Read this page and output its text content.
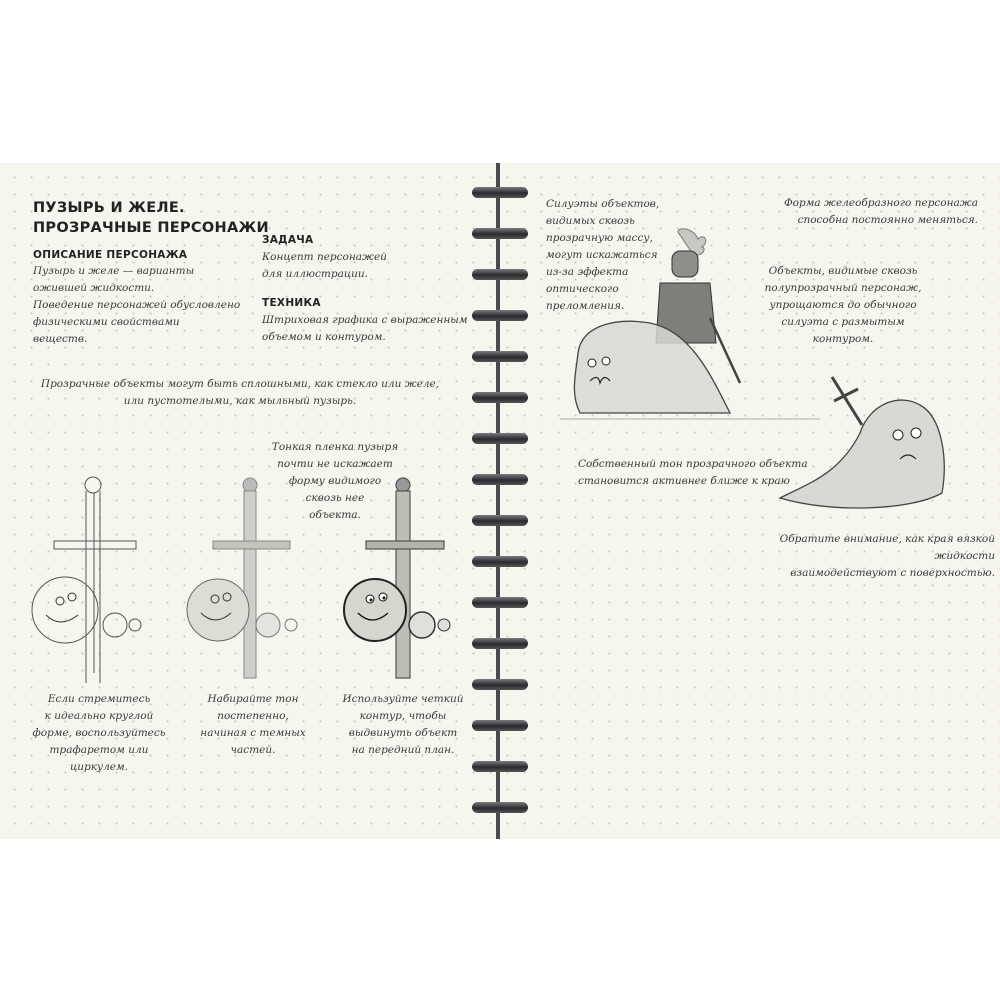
ПУЗЫРЬ И ЖЕЛЕ.
ПРОЗРАЧНЫЕ ПЕРСОНАЖИ
ОПИСАНИЕ ПЕРСОНАЖА
Пузырь и желе — варианты
ожившей жидкости.
Поведение персонажей обусловлено
физическими свойствами
веществ.
ЗАДАЧА
Концепт персонажей
для иллюстрации.
ТЕХНИКА
Штриховая графика с выраженным
объемом и контуром.
Прозрачные объекты могут быть сплошными, как стекло или желе,
или пустотелыми, как мыльный пузырь.
Тонкая пленка пузыря
почти не искажает
форму видимого
сквозь нее
объекта.
Если стремитесь
к идеально круглой
форме, воспользуйтесь
трафаретом или
циркулем.
Набирайте тон
постепенно,
начиная с темных
частей.
Используйте четкий
контур, чтобы
выдвинуть объект
на передний план.
Силуэты объектов,
видимых сквозь
прозрачную массу,
могут искажаться
из-за эффекта
оптического
преломления.
Форма желеобразного персонажа
способна постоянно меняться.
Объекты, видимые сквозь
полупрозрачный персонаж,
упрощаются до обычного
силуэта с размытым
контуром.
Собственный тон прозрачного объекта
становится активнее ближе к краю
Обратите внимание, как края вязкой жидкости
взаимодействуют с поверхностью.
